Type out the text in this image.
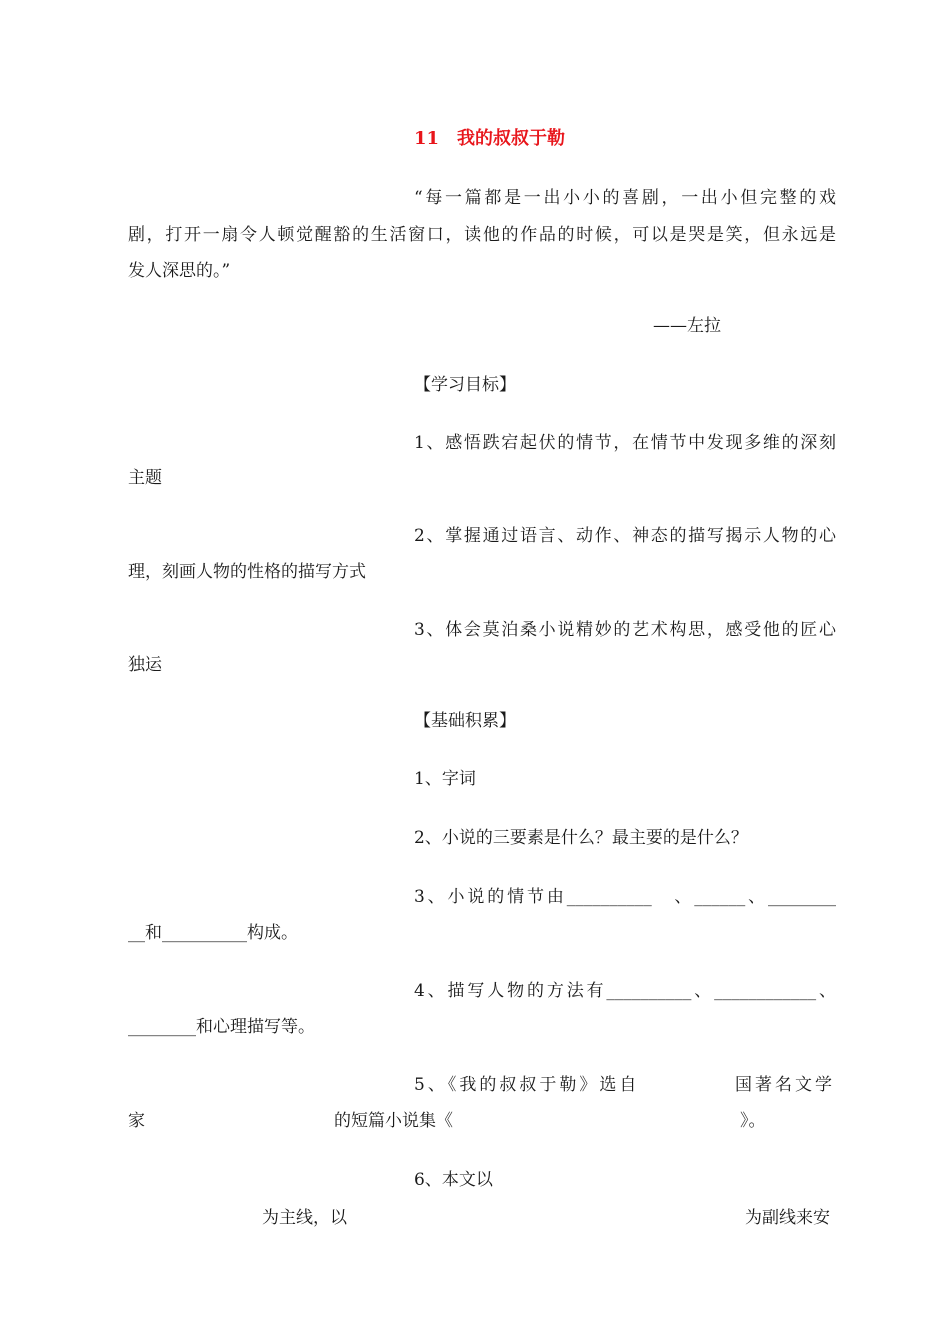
11　我的叔叔于勒
“每一篇都是一出小小的喜剧，一出小但完整的戏
剧，打开一扇令人顿觉醒豁的生活窗口，读他的作品的时候，可以是哭是笑，但永远是
发人深思的。”
——左拉
【学习目标】
1、感悟跌宕起伏的情节，在情节中发现多维的深刻
主题
2、掌握通过语言、动作、神态的描写揭示人物的心
理，刻画人物的性格的描写方式
3、体会莫泊桑小说精妙的艺术构思，感受他的匠心
独运
【基础积累】
1、字词
2、小说的三要素是什么？最主要的是什么？
3、小说的情节由__________　、______、________
__和__________构成。
4、描写人物的方法有__________、____________、
________和心理描写等。
5、《我的叔叔于勒》选自	国著名文学
家	的短篇小说集《	》。
6、本文以
为主线，以	为副线来安
